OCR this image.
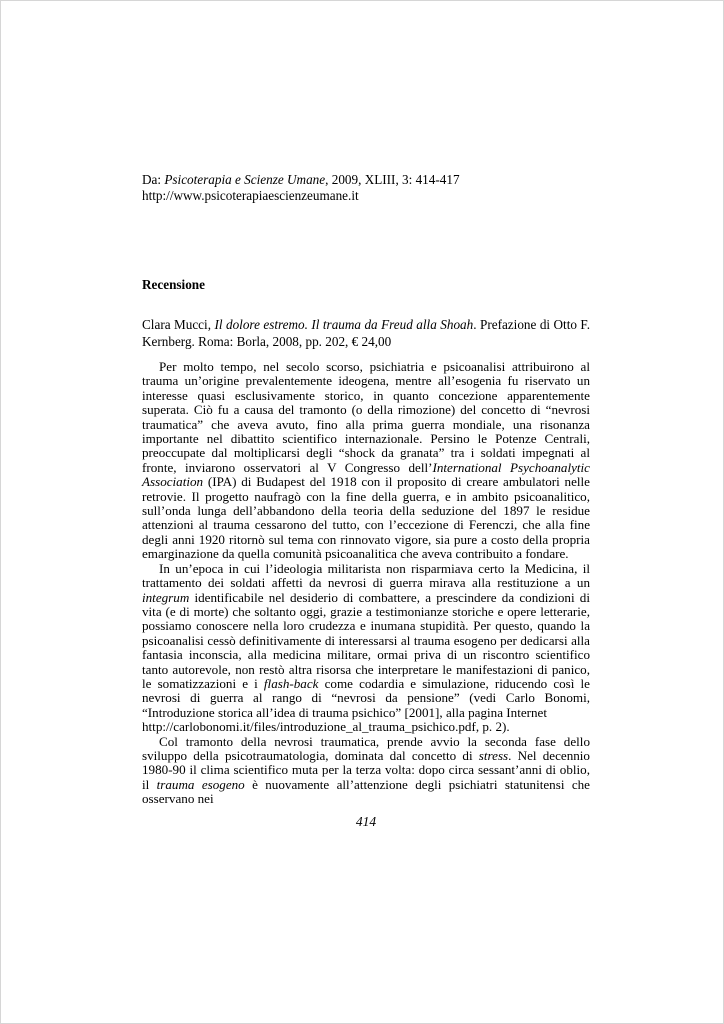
Da: Psicoterapia e Scienze Umane, 2009, XLIII, 3: 414-417
http://www.psicoterapiaescienzeumane.it
Recensione
Clara Mucci, Il dolore estremo. Il trauma da Freud alla Shoah. Prefazione di Otto F. Kernberg. Roma: Borla, 2008, pp. 202, € 24,00

Per molto tempo, nel secolo scorso, psichiatria e psicoanalisi attribuirono al trauma un’origine prevalentemente ideogena, mentre all’esogenia fu riservato un interesse quasi esclusivamente storico, in quanto concezione apparentemente superata. Ciò fu a causa del tramonto (o della rimozione) del concetto di “nevrosi traumatica” che aveva avuto, fino alla prima guerra mondiale, una risonanza importante nel dibattito scientifico internazionale. Persino le Potenze Centrali, preoccupate dal moltiplicarsi degli “shock da granata” tra i soldati impegnati al fronte, inviarono osservatori al V Congresso dell’International Psychoanalytic Association (IPA) di Budapest del 1918 con il proposito di creare ambulatori nelle retrovie. Il progetto naufragò con la fine della guerra, e in ambito psicoanalitico, sull’onda lunga dell’abbandono della teoria della seduzione del 1897 le residue attenzioni al trauma cessarono del tutto, con l’eccezione di Ferenczi, che alla fine degli anni 1920 ritornò sul tema con rinnovato vigore, sia pure a costo della propria emarginazione da quella comunità psicoanalitica che aveva contribuito a fondare.

In un’epoca in cui l’ideologia militarista non risparmiava certo la Medicina, il trattamento dei soldati affetti da nevrosi di guerra mirava alla restituzione a un integrum identificabile nel desiderio di combattere, a prescindere da condizioni di vita (e di morte) che soltanto oggi, grazie a testimonianze storiche e opere letterarie, possiamo conoscere nella loro crudezza e inumana stupidità. Per questo, quando la psicoanalisi cessò definitivamente di interessarsi al trauma esogeno per dedicarsi alla fantasia inconscia, alla medicina militare, ormai priva di un riscontro scientifico tanto autorevole, non restò altra risorsa che interpretare le manifestazioni di panico, le somatizzazioni e i flash-back come codardia e simulazione, riducendo così le nevrosi di guerra al rango di “nevrosi da pensione” (vedi Carlo Bonomi, “Introduzione storica all’idea di trauma psichico” [2001], alla pagina Internet
http://carlobonomi.it/files/introduzione_al_trauma_psichico.pdf, p. 2).

Col tramonto della nevrosi traumatica, prende avvio la seconda fase dello sviluppo della psicotraumatologia, dominata dal concetto di stress. Nel decennio 1980-90 il clima scientifico muta per la terza volta: dopo circa sessant’anni di oblio, il trauma esogeno è nuovamente all’attenzione degli psichiatri statunitensi che osservano nei

414
